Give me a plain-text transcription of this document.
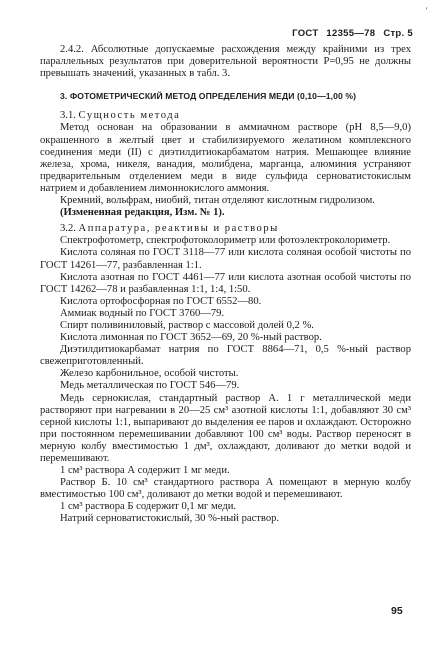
'
ГОСТ 12355—78 Стр. 5

2.4.2. Абсолютные допускаемые расхождения между крайними из трех параллельных результатов при доверительной вероятности P=0,95 не должны превышать значений, указанных в табл. 3.

3. ФОТОМЕТРИЧЕСКИЙ МЕТОД ОПРЕДЕЛЕНИЯ МЕДИ (0,10—1,00 %)

3.1. Сущность метода

Метод основан на образовании в аммиачном растворе (pH 8,5—9,0) окрашенного в желтый цвет и стабилизируемого желатином комплексного соединения меди (II) с диэтилдитиокарбаматом натрия. Мешающее влияние железа, хрома, никеля, ванадия, молибдена, марганца, алюминия устраняют предварительным отделением меди в виде сульфида серноватистокислым натрием и добавлением лимоннокислого аммония.

Кремний, вольфрам, ниобий, титан отделяют кислотным гидролизом.

(Измененная редакция, Изм. № 1).

3.2. Аппаратура, реактивы и растворы

Спектрофотометр, спектрофотоколориметр или фотоэлектроколориметр.

Кислота соляная по ГОСТ 3118—77 или кислота соляная особой чистоты по ГОСТ 14261—77, разбавленная 1:1.

Кислота азотная по ГОСТ 4461—77 или кислота азотная особой чистоты по ГОСТ 14262—78 и разбавленная 1:1, 1:4, 1:50.

Кислота ортофосфорная по ГОСТ 6552—80.

Аммиак водный по ГОСТ 3760—79.

Спирт поливиниловый, раствор с массовой долей 0,2 %.

Кислота лимонная по ГОСТ 3652—69, 20 %-ный раствор.

Диэтилдитиокарбамат натрия по ГОСТ 8864—71, 0,5 %-ный раствор свежеприготовленный.

Железо карбонильное, особой чистоты.

Медь металлическая по ГОСТ 546—79.

Медь сернокислая, стандартный раствор А. 1 г металлической меди растворяют при нагревании в 20—25 см³ азотной кислоты 1:1, добавляют 30 см³ серной кислоты 1:1, выпаривают до выделения ее паров и охлаждают. Осторожно при постоянном перемешивании добавляют 100 см³ воды. Раствор переносят в мерную колбу вместимостью 1 дм³, охлаждают, доливают до метки водой и перемешивают.

1 см³ раствора А содержит 1 мг меди.

Раствор Б. 10 см³ стандартного раствора А помещают в мерную колбу вместимостью 100 см³, доливают до метки водой и перемешивают.

1 см³ раствора Б содержит 0,1 мг меди.

Натрий серноватистокислый, 30 %-ный раствор.

95
